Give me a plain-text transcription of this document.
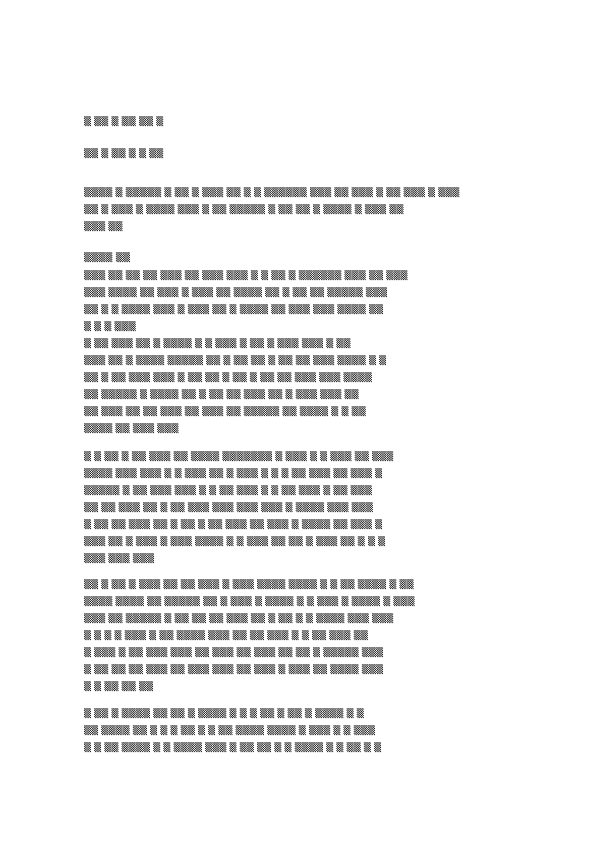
▒ ▒▒ ▒ ▒▒ ▒▒ ▒
▒▒ ▒ ▒▒ ▒ ▒ ▒▒
▒▒▒▒ ▒ ▒▒▒▒▒ ▒ ▒▒ ▒ ▒▒▒ ▒▒ ▒ ▒ ▒▒▒▒▒▒ ▒▒▒ ▒▒ ▒▒▒ ▒ ▒▒ ▒▒▒ ▒ ▒▒▒
▒▒ ▒ ▒▒▒ ▒ ▒▒▒▒ ▒▒▒ ▒ ▒▒ ▒▒▒▒▒ ▒ ▒▒ ▒▒ ▒ ▒▒▒▒ ▒ ▒▒▒ ▒▒
▒▒▒ ▒▒
▒▒▒▒ ▒▒
▒▒▒ ▒▒ ▒▒ ▒▒ ▒▒▒ ▒▒ ▒▒▒ ▒▒▒ ▒ ▒ ▒▒ ▒ ▒▒▒▒▒▒ ▒▒▒ ▒▒ ▒▒▒
▒▒▒ ▒▒▒▒ ▒▒ ▒▒▒ ▒ ▒▒▒ ▒▒ ▒▒▒▒ ▒▒ ▒ ▒▒ ▒▒ ▒▒▒▒▒ ▒▒▒
▒▒ ▒ ▒ ▒▒▒▒ ▒▒▒ ▒ ▒▒▒ ▒▒ ▒ ▒▒▒▒ ▒▒ ▒▒▒ ▒▒▒ ▒▒▒▒ ▒▒
▒ ▒ ▒ ▒▒▒
▒ ▒▒ ▒▒▒ ▒▒ ▒ ▒▒▒▒ ▒ ▒ ▒▒▒ ▒ ▒▒ ▒ ▒▒▒ ▒▒▒ ▒ ▒▒
▒▒▒ ▒▒ ▒ ▒▒▒▒ ▒▒▒▒▒ ▒▒ ▒ ▒▒ ▒▒ ▒ ▒▒ ▒▒ ▒▒▒ ▒▒▒▒ ▒ ▒
▒▒ ▒ ▒▒ ▒▒▒ ▒▒▒ ▒ ▒▒ ▒▒ ▒ ▒▒ ▒ ▒▒ ▒▒ ▒▒▒ ▒▒▒ ▒▒▒▒
▒▒ ▒▒▒▒▒ ▒ ▒▒▒▒ ▒▒ ▒ ▒▒ ▒▒ ▒▒▒ ▒▒ ▒ ▒▒▒ ▒▒▒ ▒▒
▒▒ ▒▒▒ ▒▒ ▒▒ ▒▒▒ ▒▒ ▒▒▒ ▒▒ ▒▒▒▒▒ ▒▒ ▒▒▒▒ ▒ ▒ ▒▒
▒▒▒▒ ▒▒ ▒▒▒ ▒▒▒
▒ ▒ ▒▒ ▒ ▒▒ ▒▒▒ ▒▒ ▒▒▒▒ ▒▒▒▒▒▒▒ ▒ ▒▒▒ ▒ ▒ ▒▒▒ ▒▒ ▒▒▒
▒▒▒▒ ▒▒▒ ▒▒▒ ▒ ▒ ▒▒▒ ▒▒ ▒ ▒▒▒ ▒ ▒ ▒ ▒▒ ▒▒▒ ▒▒ ▒▒▒ ▒
▒▒▒▒▒ ▒ ▒▒ ▒▒▒ ▒▒▒ ▒ ▒ ▒▒ ▒▒▒ ▒ ▒ ▒▒ ▒▒▒ ▒ ▒▒ ▒▒▒
▒▒ ▒▒ ▒▒▒ ▒▒ ▒ ▒▒ ▒▒▒ ▒▒▒ ▒▒▒ ▒▒▒ ▒ ▒▒▒▒ ▒▒▒ ▒▒▒
▒ ▒▒ ▒▒ ▒▒▒ ▒▒ ▒ ▒▒ ▒ ▒▒ ▒▒▒ ▒▒ ▒▒▒ ▒ ▒▒▒▒ ▒▒ ▒▒▒ ▒
▒▒▒ ▒▒ ▒ ▒▒▒ ▒ ▒▒▒ ▒▒▒▒ ▒ ▒ ▒▒▒ ▒▒ ▒▒ ▒ ▒▒▒ ▒▒ ▒ ▒ ▒
▒▒▒ ▒▒▒ ▒▒▒
▒▒ ▒ ▒▒ ▒ ▒▒▒ ▒▒ ▒▒ ▒▒▒ ▒ ▒▒▒ ▒▒▒▒ ▒▒▒▒ ▒ ▒ ▒▒ ▒▒▒▒ ▒ ▒▒
▒▒▒▒ ▒▒▒▒ ▒▒ ▒▒▒▒▒ ▒▒ ▒ ▒▒▒ ▒ ▒▒▒▒ ▒ ▒ ▒▒▒ ▒ ▒▒▒▒ ▒ ▒▒▒
▒▒▒ ▒▒ ▒▒▒▒▒ ▒ ▒▒ ▒▒ ▒▒ ▒▒▒ ▒▒ ▒ ▒▒ ▒ ▒ ▒▒▒▒ ▒▒▒ ▒▒▒
▒ ▒ ▒ ▒ ▒▒▒ ▒ ▒▒ ▒▒▒▒ ▒▒▒ ▒▒ ▒▒ ▒▒▒ ▒ ▒ ▒▒ ▒▒▒ ▒▒
▒ ▒▒▒ ▒ ▒▒ ▒▒▒ ▒▒▒ ▒▒ ▒▒▒ ▒▒ ▒▒▒ ▒▒ ▒▒ ▒ ▒▒▒▒▒ ▒▒▒
▒ ▒▒ ▒▒ ▒▒ ▒▒▒ ▒▒ ▒▒▒ ▒▒▒ ▒▒ ▒▒▒ ▒ ▒▒▒ ▒▒ ▒▒▒▒ ▒▒▒
▒ ▒ ▒▒ ▒▒ ▒▒
▒ ▒▒ ▒ ▒▒▒▒ ▒▒ ▒▒ ▒ ▒▒▒▒ ▒ ▒ ▒ ▒▒ ▒ ▒▒ ▒ ▒▒▒▒ ▒ ▒
▒▒ ▒▒▒▒ ▒▒ ▒ ▒ ▒ ▒▒ ▒ ▒ ▒▒ ▒▒▒▒ ▒▒▒▒ ▒ ▒▒▒ ▒ ▒ ▒▒▒
▒ ▒ ▒▒ ▒▒▒▒ ▒ ▒ ▒▒▒▒ ▒▒▒ ▒ ▒▒ ▒▒ ▒ ▒ ▒▒▒▒ ▒ ▒ ▒▒ ▒ ▒
